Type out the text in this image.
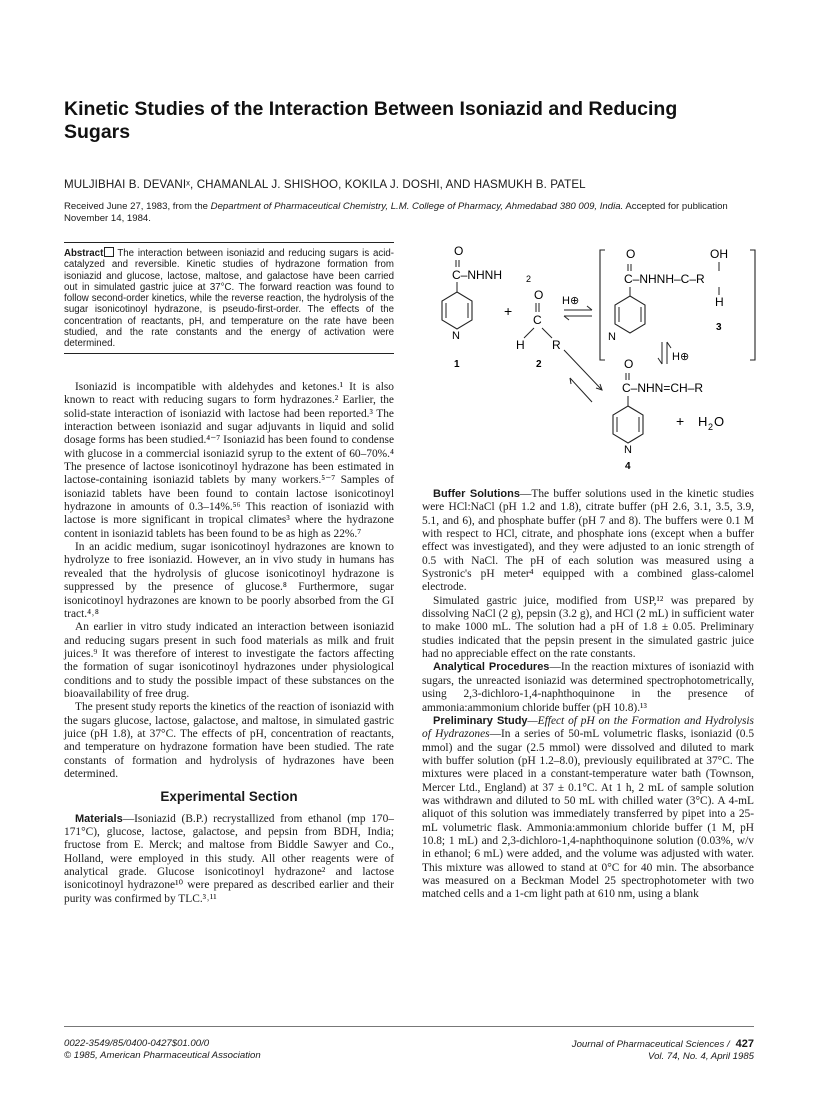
Kinetic Studies of the Interaction Between Isoniazid and Reducing Sugars
MULJIBHAI B. DEVANIˣ, CHAMANLAL J. SHISHOO, KOKILA J. DOSHI, AND HASMUKH B. PATEL
Received June 27, 1983, from the Department of Pharmaceutical Chemistry, L.M. College of Pharmacy, Ahmedabad 380 009, India. Accepted for publication November 14, 1984.
Abstract The interaction between isoniazid and reducing sugars is acid-catalyzed and reversible. Kinetic studies of hydrazone formation from isoniazid and glucose, lactose, maltose, and galactose have been carried out in simulated gastric juice at 37°C. The forward reaction was found to follow second-order kinetics, while the reverse reaction, the hydrolysis of the sugar isonicotinoyl hydrazone, is pseudo-first-order. The effects of the concentration of reactants, pH, and temperature on the rate have been studied, and the rate constants and the energy of activation were determined.
O
C–NHNH	2
N
1
+
O
C
H R
2
H⊕
O	OH
C–NHNH–C–R
H
N
3
H⊕
O
C–NHN=CH–R
N
4
+ H 2 O

Isoniazid is incompatible with aldehydes and ketones.¹ It is also known to react with reducing sugars to form hydrazones.² Earlier, the solid-state interaction of isoniazid with lactose had been reported.³ The interaction between isoniazid and sugar adjuvants in liquid and solid dosage forms has been studied.⁴⁻⁷ Isoniazid has been found to condense with glucose in a commercial isoniazid syrup to the extent of 60–70%.⁴ The presence of lactose isonicotinoyl hydrazone has been estimated in lactose-containing isoniazid tablets by many workers.⁵⁻⁷ Samples of isoniazid tablets have been found to contain lactose isonicotinoyl hydrazone in amounts of 0.3–14%.⁵⁶ This reaction of isoniazid with lactose is more significant in tropical climates³ where the hydrazone content in isoniazid tablets has been found to be as high as 22%.⁷

In an acidic medium, sugar isonicotinoyl hydrazones are known to hydrolyze to free isoniazid. However, an in vivo study in humans has revealed that the hydrolysis of glucose isonicotinoyl hydrazone is suppressed by the presence of glucose.⁸ Furthermore, sugar isonicotinoyl hydrazones are known to be poorly absorbed from the GI tract.⁴˒⁸

An earlier in vitro study indicated an interaction between isoniazid and reducing sugars present in such food materials as milk and fruit juices.⁹ It was therefore of interest to investigate the factors affecting the formation of sugar isonicotinoyl hydrazones under physiological conditions and to study the possible impact of these substances on the bioavailability of free drug.

The present study reports the kinetics of the reaction of isoniazid with the sugars glucose, lactose, galactose, and maltose, in simulated gastric juice (pH 1.8), at 37°C. The effects of pH, concentration of reactants, and temperature on hydrazone formation have been studied. The rate constants of formation and hydrolysis of hydrazones have been determined.

Experimental Section

Materials—Isoniazid (B.P.) recrystallized from ethanol (mp 170–171°C), glucose, lactose, galactose, and pepsin from BDH, India; fructose from E. Merck; and maltose from Biddle Sawyer and Co., Holland, were employed in this study. All other reagents were of analytical grade. Glucose isonicotinoyl hydrazone² and lactose isonicotinoyl hydrazone¹⁰ were prepared as described earlier and their purity was confirmed by TLC.³˒¹¹

Buffer Solutions—The buffer solutions used in the kinetic studies were HCl:NaCl (pH 1.2 and 1.8), citrate buffer (pH 2.6, 3.1, 3.5, 3.9, 5.1, and 6), and phosphate buffer (pH 7 and 8). The buffers were 0.1 M with respect to HCl, citrate, and phosphate ions (except when a buffer effect was investigated), and they were adjusted to an ionic strength of 0.5 with NaCl. The pH of each solution was measured using a Systronic's pH meter⁴ equipped with a combined glass-calomel electrode.

Simulated gastric juice, modified from USP,¹² was prepared by dissolving NaCl (2 g), pepsin (3.2 g), and HCl (2 mL) in sufficient water to make 1000 mL. The solution had a pH of 1.8 ± 0.05. Preliminary studies indicated that the pepsin present in the simulated gastric juice had no appreciable effect on the rate constants.

Analytical Procedures—In the reaction mixtures of isoniazid with sugars, the unreacted isoniazid was determined spectrophotometrically, using 2,3-dichloro-1,4-naphthoquinone in the presence of ammonia:ammonium chloride buffer (pH 10.8).¹³

Preliminary Study—Effect of pH on the Formation and Hydrolysis of Hydrazones—In a series of 50-mL volumetric flasks, isoniazid (0.5 mmol) and the sugar (2.5 mmol) were dissolved and diluted to mark with buffer solution (pH 1.2–8.0), previously equilibrated at 37°C. The mixtures were placed in a constant-temperature water bath (Townson, Mercer Ltd., England) at 37 ± 0.1°C. At 1 h, 2 mL of sample solution was withdrawn and diluted to 50 mL with chilled water (3°C). A 4-mL aliquot of this solution was immediately transferred by pipet into a 25-mL volumetric flask. Ammonia:ammonium chloride buffer (1 M, pH 10.8; 1 mL) and 2,3-dichloro-1,4-naphthoquinone solution (0.03%, w/v in ethanol; 6 mL) were added, and the volume was adjusted with water. This mixture was allowed to stand at 0°C for 40 min. The absorbance was measured on a Beckman Model 25 spectrophotometer with two matched cells and a 1-cm light path at 610 nm, using a blank

0022-3549/85/0400-0427$01.00/0
© 1985, American Pharmaceutical Association
Journal of Pharmaceutical Sciences / 427
Vol. 74, No. 4, April 1985
